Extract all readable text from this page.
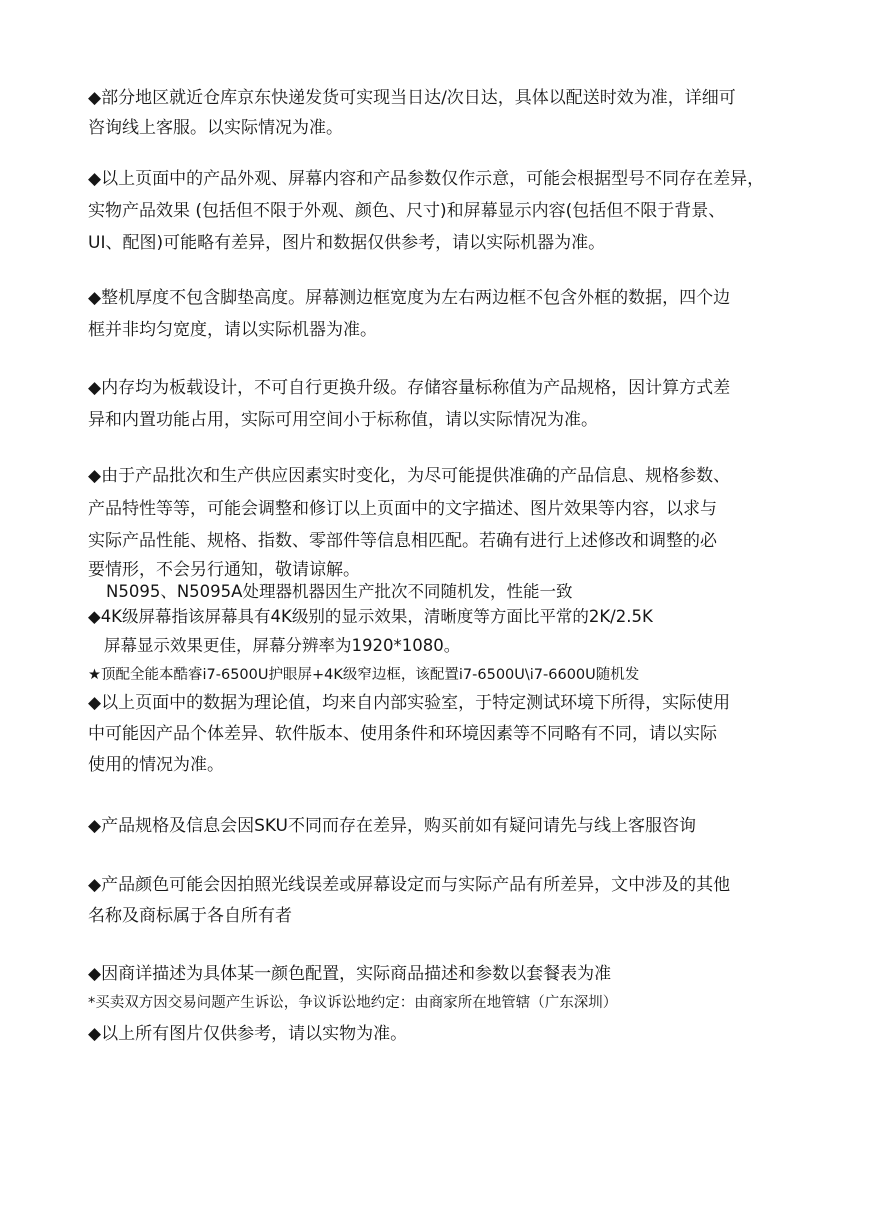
◆部分地区就近仓库京东快递发货可实现当日达/次日达，具体以配送时效为准，详细可
咨询线上客服。以实际情况为准。
◆以上页面中的产品外观、屏幕内容和产品参数仅作示意，可能会根据型号不同存在差异，
实物产品效果 (包括但不限于外观、颜色、尺寸)和屏幕显示内容(包括但不限于背景、
UI、配图)可能略有差异，图片和数据仅供参考，请以实际机器为准。
◆整机厚度不包含脚垫高度。屏幕测边框宽度为左右两边框不包含外框的数据，四个边
框并非均匀宽度，请以实际机器为准。
◆内存均为板载设计，不可自行更换升级。存储容量标称值为产品规格，因计算方式差
异和内置功能占用，实际可用空间小于标称值，请以实际情况为准。
◆由于产品批次和生产供应因素实时变化，为尽可能提供准确的产品信息、规格参数、
产品特性等等，可能会调整和修订以上页面中的文字描述、图片效果等内容，以求与
实际产品性能、规格、指数、零部件等信息相匹配。若确有进行上述修改和调整的必
要情形，不会另行通知，敬请谅解。
N5095、N5095A处理器机器因生产批次不同随机发，性能一致
◆4K级屏幕指该屏幕具有4K级别的显示效果，清晰度等方面比平常的2K/2.5K
屏幕显示效果更佳，屏幕分辨率为1920*1080。
★顶配全能本酷睿i7-6500U护眼屏+4K级窄边框，该配置i7-6500U\i7-6600U随机发
◆以上页面中的数据为理论值，均来自内部实验室，于特定测试环境下所得，实际使用
中可能因产品个体差异、软件版本、使用条件和环境因素等不同略有不同，请以实际
使用的情况为准。
◆产品规格及信息会因SKU不同而存在差异，购买前如有疑问请先与线上客服咨询
◆产品颜色可能会因拍照光线误差或屏幕设定而与实际产品有所差异，文中涉及的其他
名称及商标属于各自所有者
◆因商详描述为具体某一颜色配置，实际商品描述和参数以套餐表为准
*买卖双方因交易问题产生诉讼，争议诉讼地约定：由商家所在地管辖（广东深圳）
◆以上所有图片仅供参考，请以实物为准。
